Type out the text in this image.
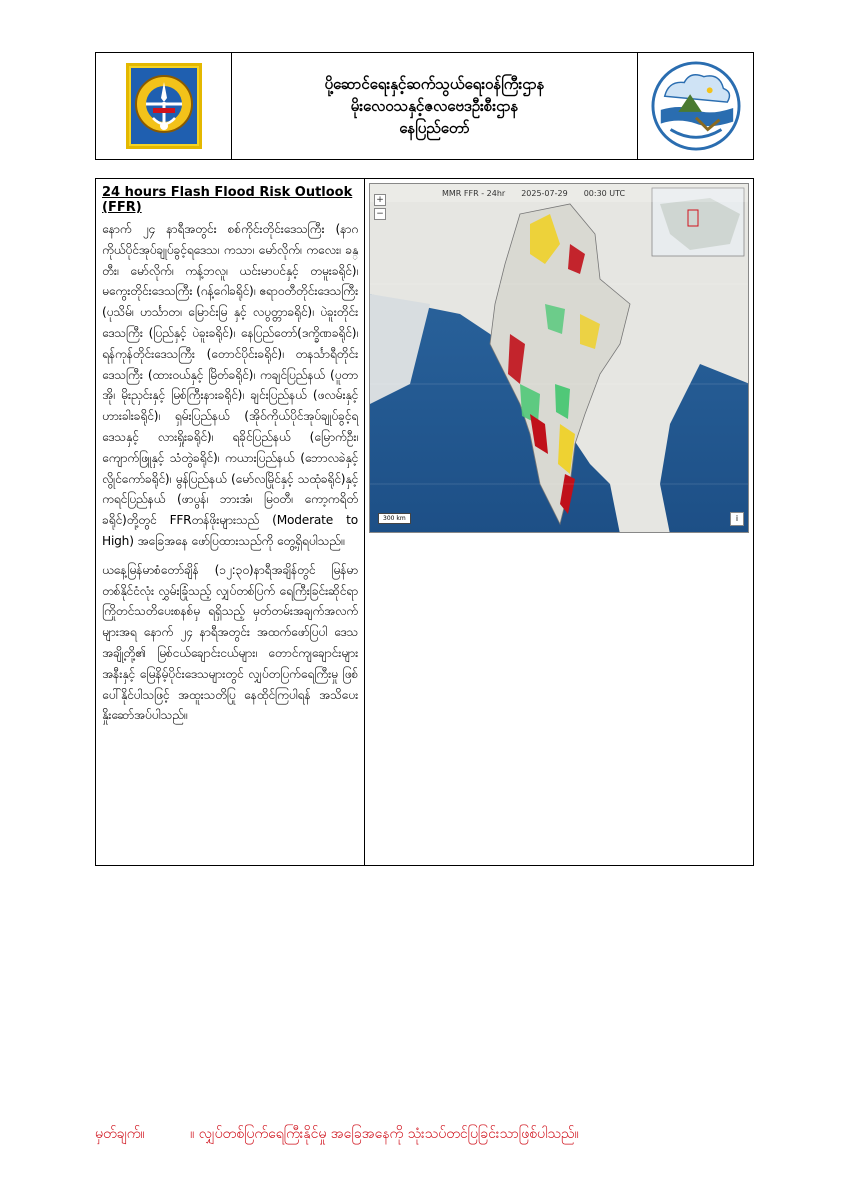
ပို့ဆောင်ရေးနှင့်ဆက်သွယ်ရေးဝန်ကြီးဌာန
မိုးလေဝသနှင့်ဇလဗေဒဦးစီးဌာန
နေပြည်တော်
24 hours Flash Flood Risk Outlook (FFR)

နောက် ၂၄ နာရီအတွင်း စစ်ကိုင်းတိုင်းဒေသကြီး (နာဂကိုယ်ပိုင်အုပ်ချုပ်ခွင့်ရဒေသ၊ ကသာ၊ မော်လိုက်၊ ကလေး၊ ခန္တီး၊ မော်လိုက်၊ ကန့်ဘလူ၊ ယင်းမာပင်နှင့် တမူးခရိုင်)၊ မကွေးတိုင်းဒေသကြီး (ဂန့်ဂေါခရိုင်)၊ ဧရာဝတီတိုင်းဒေသကြီး (ပုသိမ်၊ ဟင်္သာတ၊ မြောင်းမြ နှင့် လပွတ္တာခရိုင်)၊ ပဲခူးတိုင်းဒေသကြီး (ပြည်နှင့် ပဲခူးခရိုင်)၊ နေပြည်တော်(ဒက္ခိဏခရိုင်)၊ ရန်ကုန်တိုင်းဒေသကြီး (တောင်ပိုင်းခရိုင်)၊ တနင်္သာရီတိုင်းဒေသကြီး (ထားဝယ်နှင့် မြိတ်ခရိုင်)၊ ကချင်ပြည်နယ် (ပူတာအို၊ မိုးညှင်းနှင့် မြစ်ကြီးနားခရိုင်)၊ ချင်းပြည်နယ် (ဖလမ်းနှင့် ဟားခါးခရိုင်)၊ ရှမ်းပြည်နယ် (အိုဝ်ကိုယ်ပိုင်အုပ်ချုပ်ခွင့်ရဒေသနှင့် လားရှိုးခရိုင်)၊ ရခိုင်ပြည်နယ် (မြောက်ဦး၊ ကျောက်ဖြူနှင့် သံတွဲခရိုင်)၊ ကယားပြည်နယ် (ဘောလခဲနှင့် လွိုင်ကော်ခရိုင်)၊ မွန်ပြည်နယ် (မော်လမြိုင်နှင့် သထုံခရိုင်)နှင့် ကရင်ပြည်နယ် (ဖာပွန်၊ ဘားအံ၊ မြဝတီ၊ ကော့ကရိတ်ခရိုင်)တို့တွင် FFRတန်ဖိုးများသည် (Moderate to High) အခြေအနေ ဖော်ပြထားသည်ကို တွေ့ရှိရပါသည်။

ယနေ့မြန်မာစံတော်ချိန် (၁၂:၃၀)နာရီအချိန်တွင် မြန်မာတစ်နိုင်ငံလုံး လွှမ်းခြုံသည့် လျှပ်တစ်ပြက် ရေကြီးခြင်းဆိုင်ရာ ကြိုတင်သတိပေးစနစ်မှ ရရှိသည့် မှတ်တမ်းအချက်အလက်များအရ နောက် ၂၄ နာရီအတွင်း အထက်ဖော်ပြပါ ဒေသအချို့တို့၏ မြစ်ငယ်ချောင်းငယ်များ၊ တောင်ကျချောင်းများအနီးနှင့် မြေနိမ့်ပိုင်းဒေသများတွင် လျှပ်တပြက်ရေကြီးမှု ဖြစ်ပေါ်နိုင်ပါသဖြင့် အထူးသတိပြု နေထိုင်ကြပါရန် အသိပေး နှိုးဆော်အပ်ပါသည်။

MMR FFR - 24hr 2025-07-29 00:30 UTC
+
−
300 km	i
မှတ်ချက်။	။ လျှပ်တစ်ပြက်ရေကြီးနိုင်မှု အခြေအနေကို သုံးသပ်တင်ပြခြင်းသာဖြစ်ပါသည်။
